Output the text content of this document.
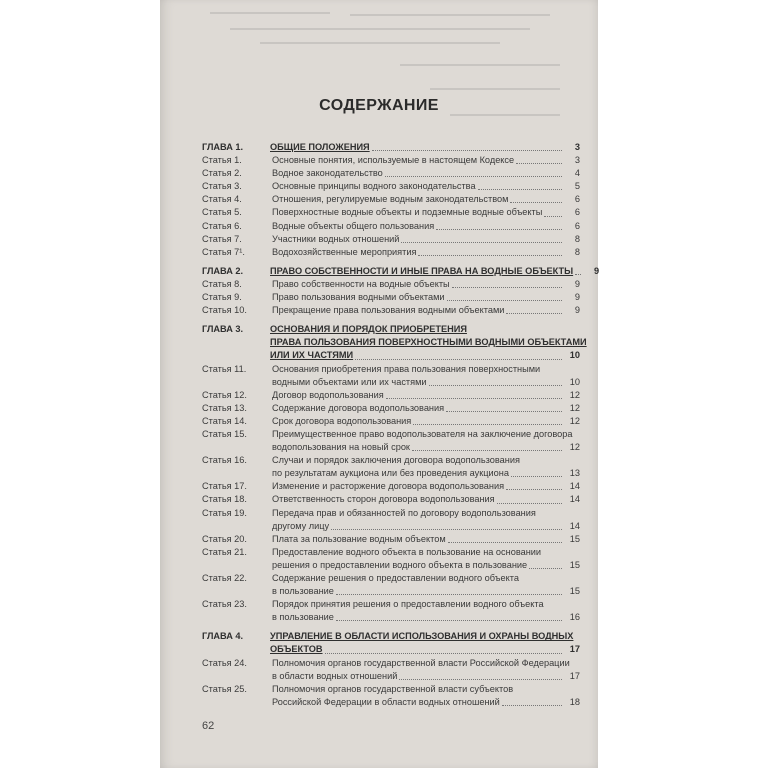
СОДЕРЖАНИЕ
ГЛАВА 1.	ОБЩИЕ ПОЛОЖЕНИЯ	3
Статья 1.	Основные понятия, используемые в настоящем Кодексе	3
Статья 2.	Водное законодательство	4
Статья 3.	Основные принципы водного законодательства	5
Статья 4.	Отношения, регулируемые водным законодательством	6
Статья 5.	Поверхностные водные объекты и подземные водные объекты	6
Статья 6.	Водные объекты общего пользования	6
Статья 7.	Участники водных отношений	8
Статья 7¹.	Водохозяйственные мероприятия	8
ГЛАВА 2.	ПРАВО СОБСТВЕННОСТИ И ИНЫЕ ПРАВА НА ВОДНЫЕ ОБЪЕКТЫ	9
Статья 8.	Право собственности на водные объекты	9
Статья 9.	Право пользования водными объектами	9
Статья 10.	Прекращение права пользования водными объектами	9
ГЛАВА 3.	ОСНОВАНИЯ И ПОРЯДОК ПРИОБРЕТЕНИЯ
ПРАВА ПОЛЬЗОВАНИЯ ПОВЕРХНОСТНЫМИ ВОДНЫМИ ОБЪЕКТАМИ
ИЛИ ИХ ЧАСТЯМИ	10
Статья 11.	Основания приобретения права пользования поверхностными
водными объектами или их частями	10
Статья 12.	Договор водопользования	12
Статья 13.	Содержание договора водопользования	12
Статья 14.	Срок договора водопользования	12
Статья 15.	Преимущественное право водопользователя на заключение договора
водопользования на новый срок	12
Статья 16.	Случаи и порядок заключения договора водопользования
по результатам аукциона или без проведения аукциона	13
Статья 17.	Изменение и расторжение договора водопользования	14
Статья 18.	Ответственность сторон договора водопользования	14
Статья 19.	Передача прав и обязанностей по договору водопользования
другому лицу	14
Статья 20.	Плата за пользование водным объектом	15
Статья 21.	Предоставление водного объекта в пользование на основании
решения о предоставлении водного объекта в пользование	15
Статья 22.	Содержание решения о предоставлении водного объекта
в пользование	15
Статья 23.	Порядок принятия решения о предоставлении водного объекта
в пользование	16
ГЛАВА 4.	УПРАВЛЕНИЕ В ОБЛАСТИ ИСПОЛЬЗОВАНИЯ И ОХРАНЫ ВОДНЫХ
ОБЪЕКТОВ	17
Статья 24.	Полномочия органов государственной власти Российской Федерации
в области водных отношений	17
Статья 25.	Полномочия органов государственной власти субъектов
Российской Федерации в области водных отношений	18
62
